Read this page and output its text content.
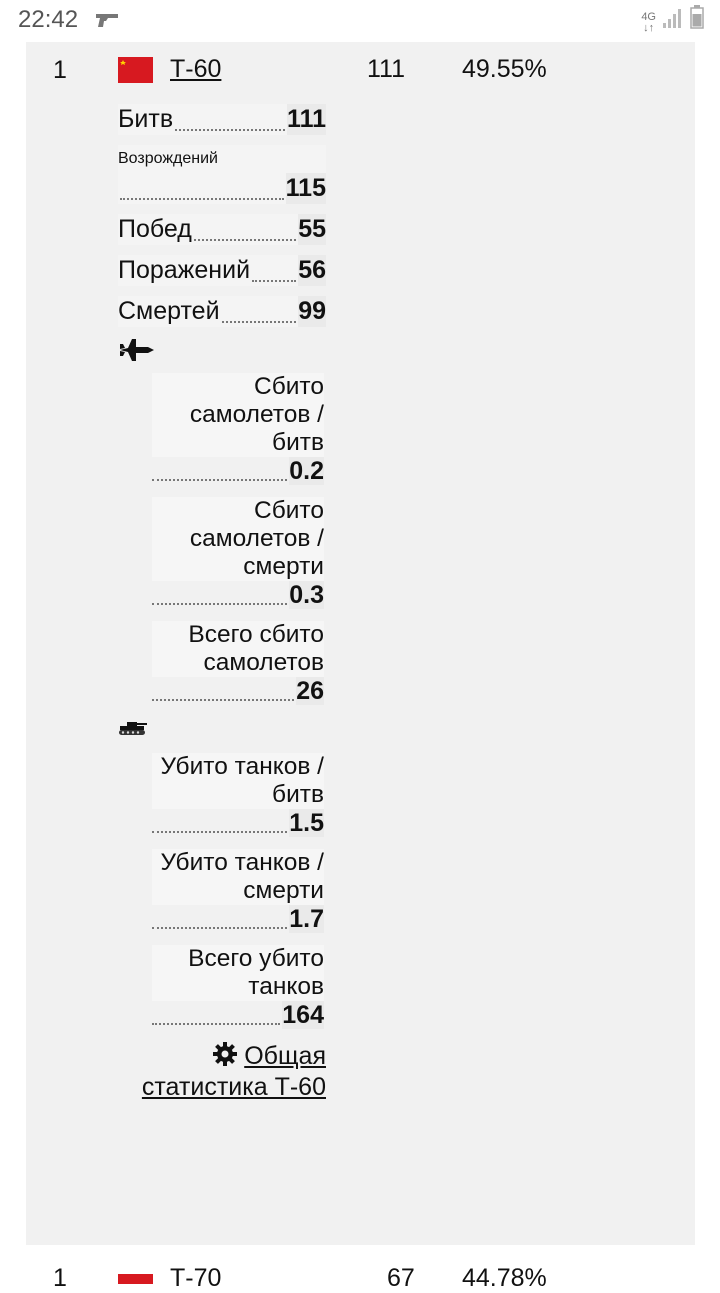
22:42	4G
↓↑
1	Т-60	111 49.55%
Битв	111
Возрождений
115
Побед	55
Поражений 56
Смертей	99
Сбито самолетов / битв
0.2
Сбито самолетов / смерти
0.3
Всего сбито самолетов
26
Убито танков / битв
1.5
Убито танков / смерти
1.7
Всего убито танков
164
Общая статистика Т-60
1	Т-70	67 44.78%
